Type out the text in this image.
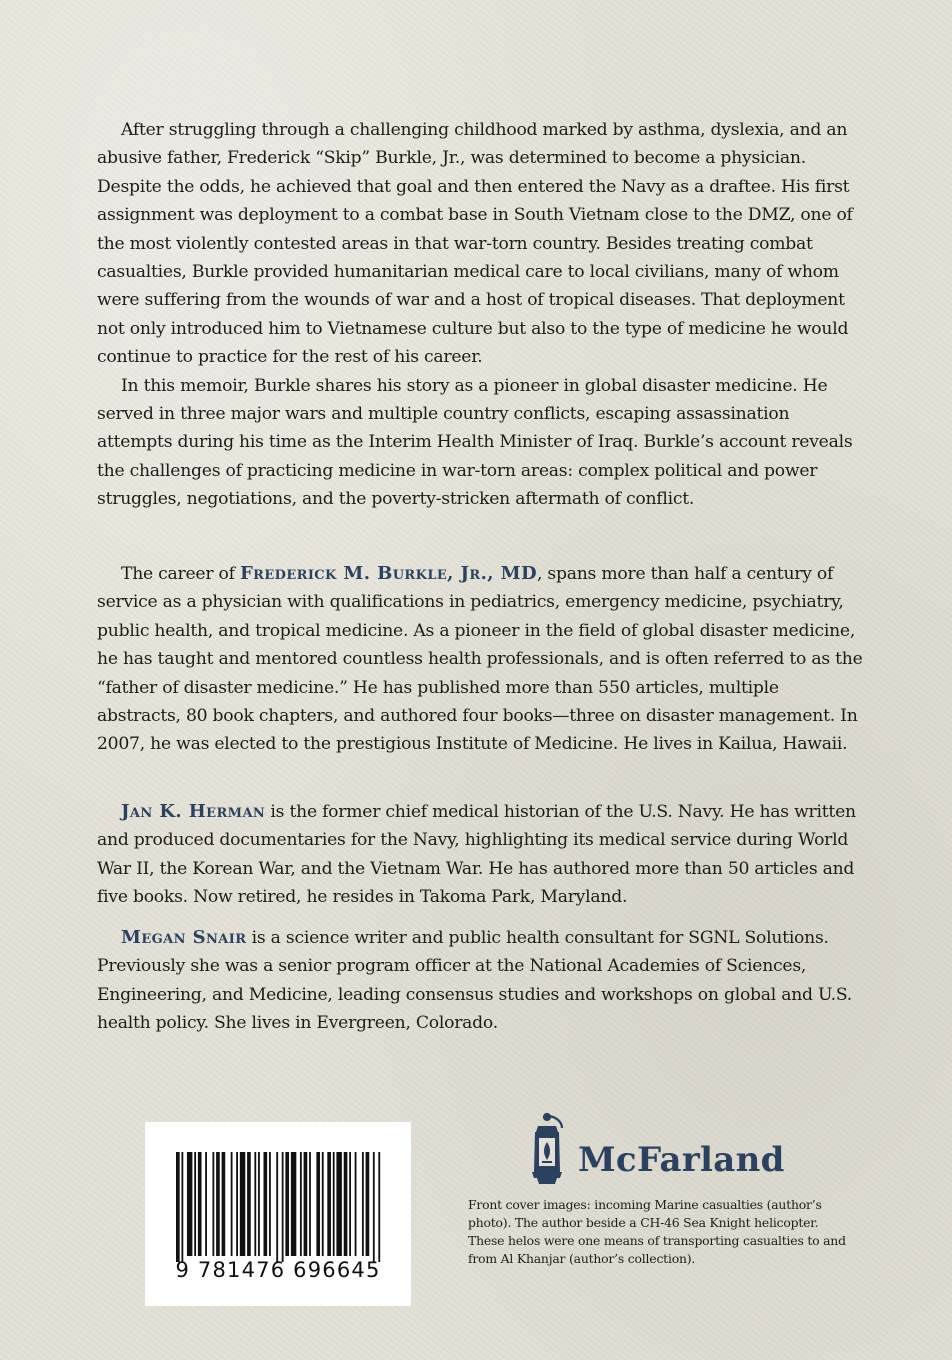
After struggling through a challenging childhood marked by asthma, dyslexia, and an abusive father, Frederick “Skip” Burkle, Jr., was determined to become a physician. Despite the odds, he achieved that goal and then entered the Navy as a draftee. His first assignment was deployment to a combat base in South Vietnam close to the DMZ, one of the most violently contested areas in that war-torn country. Besides treating combat casualties, Burkle provided humanitarian medical care to local civilians, many of whom were suffering from the wounds of war and a host of tropical diseases. That deployment not only introduced him to Vietnamese culture but also to the type of medicine he would continue to practice for the rest of his career.

In this memoir, Burkle shares his story as a pioneer in global disaster medicine. He served in three major wars and multiple country conflicts, escaping assassination attempts during his time as the Interim Health Minister of Iraq. Burkle’s account reveals the challenges of practicing medicine in war-torn areas: complex political and power struggles, negotiations, and the poverty-stricken aftermath of conflict.

The career of Frederick M. Burkle, Jr., MD, spans more than half a century of service as a physician with qualifications in pediatrics, emergency medicine, psychiatry, public health, and tropical medicine. As a pioneer in the field of global disaster medicine, he has taught and mentored countless health professionals, and is often referred to as the “father of disaster medicine.” He has published more than 550 articles, multiple abstracts, 80 book chapters, and authored four books—three on disaster management. In 2007, he was elected to the prestigious Institute of Medicine. He lives in Kailua, Hawaii.

Jan K. Herman is the former chief medical historian of the U.S. Navy. He has written and produced documentaries for the Navy, highlighting its medical service during World War II, the Korean War, and the Vietnam War. He has authored more than 50 articles and five books. Now retired, he resides in Takoma Park, Maryland.

Megan Snair is a science writer and public health consultant for SGNL Solutions. Previously she was a senior program officer at the National Academies of Sciences, Engineering, and Medicine, leading consensus studies and workshops on global and U.S. health policy. She lives in Evergreen, Colorado.

9 781476 696645
McFarland

Front cover images: incoming Marine casualties (author’s photo). The author beside a CH-46 Sea Knight helicopter. These helos were one means of transporting casualties to and from Al Khanjar (author’s collection).
